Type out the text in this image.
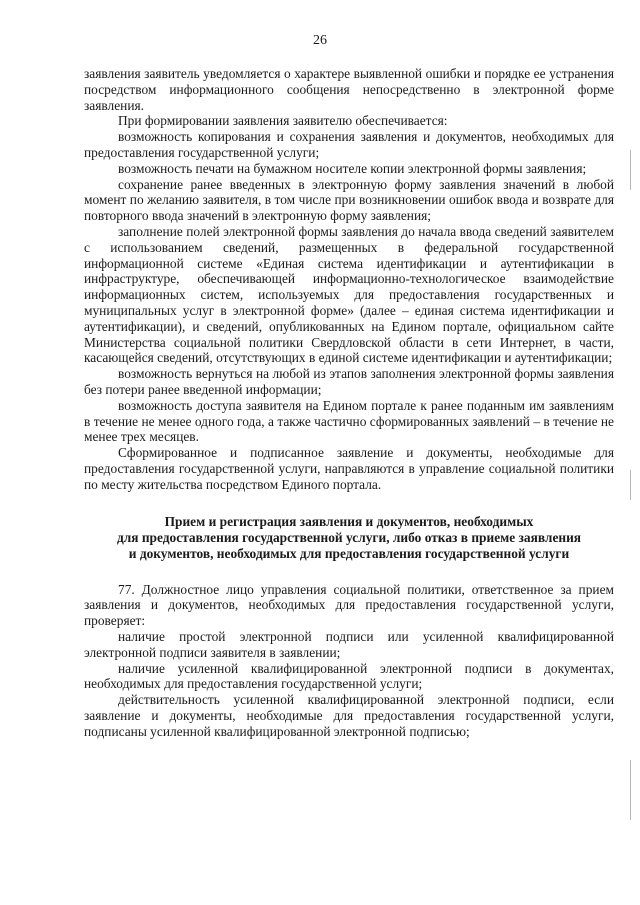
26

заявления заявитель уведомляется о характере выявленной ошибки и порядке ее устранения посредством информационного сообщения непосредственно в электронной форме заявления.

При формировании заявления заявителю обеспечивается:

возможность копирования и сохранения заявления и документов, необходимых для предоставления государственной услуги;

возможность печати на бумажном носителе копии электронной формы заявления;

сохранение ранее введенных в электронную форму заявления значений в любой момент по желанию заявителя, в том числе при возникновении ошибок ввода и возврате для повторного ввода значений в электронную форму заявления;

заполнение полей электронной формы заявления до начала ввода сведений заявителем с использованием сведений, размещенных в федеральной государственной информационной системе «Единая система идентификации и аутентификации в инфраструктуре, обеспечивающей информационно-технологическое взаимодействие информационных систем, используемых для предоставления государственных и муниципальных услуг в электронной форме» (далее – единая система идентификации и аутентификации), и сведений, опубликованных на Едином портале, официальном сайте Министерства социальной политики Свердловской области в сети Интернет, в части, касающейся сведений, отсутствующих в единой системе идентификации и аутентификации;

возможность вернуться на любой из этапов заполнения электронной формы заявления без потери ранее введенной информации;

возможность доступа заявителя на Едином портале к ранее поданным им заявлениям в течение не менее одного года, а также частично сформированных заявлений – в течение не менее трех месяцев.

Сформированное и подписанное заявление и документы, необходимые для предоставления государственной услуги, направляются в управление социальной политики по месту жительства посредством Единого портала.

Прием и регистрация заявления и документов, необходимых
для предоставления государственной услуги, либо отказ в приеме заявления
и документов, необходимых для предоставления государственной услуги

77. Должностное лицо управления социальной политики, ответственное за прием заявления и документов, необходимых для предоставления государственной услуги, проверяет:

наличие простой электронной подписи или усиленной квалифицированной электронной подписи заявителя в заявлении;

наличие усиленной квалифицированной электронной подписи в документах, необходимых для предоставления государственной услуги;

действительность усиленной квалифицированной электронной подписи, если заявление и документы, необходимые для предоставления государственной услуги, подписаны усиленной квалифицированной электронной подписью;
